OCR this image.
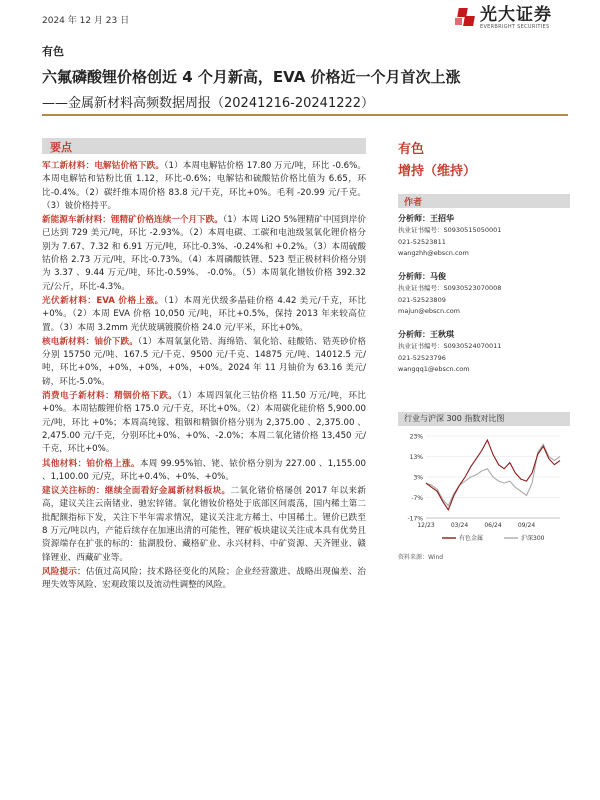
2024 年 12 月 23 日	光大证券
EVERBRIGHT SECURITIES
有色
六氟磷酸锂价格创近 4 个月新高，EVA 价格近一个月首次上涨
——金属新材料高频数据周报（20241216-20241222）
要点

军工新材料：电解钴价格下跌。（1）本周电解钴价格 17.80 万元/吨，环比 -0.6%。本周电解钴和钴粉比值 1.12，环比-0.6%；电解钴和硫酸钴价格比值为 6.65，环比-0.4%。（2）碳纤维本周价格 83.8 元/千克，环比+0%。毛利 -20.99 元/千克。（3）铍价格持平。

新能源车新材料：锂精矿价格连续一个月下跌。（1）本周 Li2O 5%锂精矿中国到岸价已达到 729 美元/吨，环比 -2.93%。（2）本周电碳、工碳和电池级氢氧化锂价格分别为 7.67、7.32 和 6.91 万元/吨，环比-0.3%、-0.24%和 +0.2%。（3）本周硫酸钴价格 2.73 万元/吨，环比-0.73%。（4）本周磷酸铁锂、523 型正极材料价格分别为 3.37 、9.44 万元/吨，环比-0.59%、 -0.0%。（5）本周氧化镨钕价格 392.32 元/公斤，环比-4.3%。

光伏新材料：EVA 价格上涨。（1）本周光伏级多晶硅价格 4.42 美元/千克，环比 +0%。（2）本周 EVA 价格 10,050 元/吨，环比+0.5%，保持 2013 年来较高位置。（3）本周 3.2mm 光伏玻璃镀膜价格 24.0 元/平米，环比+0%。

核电新材料：铀价下跌。（1）本周氧氯化锆、海绵锆、氧化铪、硅酸锆、锆英砂价格分别 15750 元/吨、167.5 元/千克、9500 元/千克、14875 元/吨、14012.5 元/吨，环比+0%，+0%，+0%，+0%，+0%。2024 年 11 月铀价为 63.16 美元/磅，环比-5.0%。

消费电子新材料：精铟价格下跌。（1）本周四氧化三钴价格 11.50 万元/吨，环比+0%。本周钴酸锂价格 175.0 元/千克，环比+0%。（2）本周碳化硅价格 5,900.00 元/吨，环比 +0%；本周高纯镓、粗铟和精铟价格分别为 2,375.00 、2,375.00 、2,475.00 元/千克，分别环比+0%、+0%、-2.0%；本周二氧化锗价格 13,450 元/千克，环比+0%。

其他材料：铂价格上涨。本周 99.95%铂、铑、铱价格分别为 227.00 、1,155.00 、1,100.00 元/克，环比+0.4%、+0%、+0%。

建议关注标的：继续全面看好金属新材料板块。二氧化锗价格屡创 2017 年以来新高，建议关注云南锗业、驰宏锌锗。氧化镨钕价格处于底部区间震荡，国内稀土第二批配额指标下发，关注下半年需求情况，建议关注北方稀土、中国稀土。锂价已跌至 8 万元/吨以内，产能后续存在加速出清的可能性，锂矿板块建议关注成本具有优势且资源端存在扩张的标的：盐湖股份、藏格矿业、永兴材料、中矿资源、天齐锂业、赣锋锂业、西藏矿业等。

风险提示：估值过高风险；技术路径变化的风险；企业经营激进、战略出现偏差、治理失效等风险、宏观政策以及流动性调整的风险。

有色
增持（维持）
作者
分析师：王招华
执业证书编号：S0930515050001
021-52523811
wangzhh@ebscn.com
分析师：马俊
执业证书编号：S0930523070008
021-52523809
majun@ebscn.com
分析师：王秋琪
执业证书编号：S0930524070011
021-52523796
wangqq1@ebscn.com
行业与沪深 300 指数对比图
23%
13%
3%
-7%
-17%
12/23	03/24	06/24	09/24
有色金属	沪深300
资料来源：Wind
